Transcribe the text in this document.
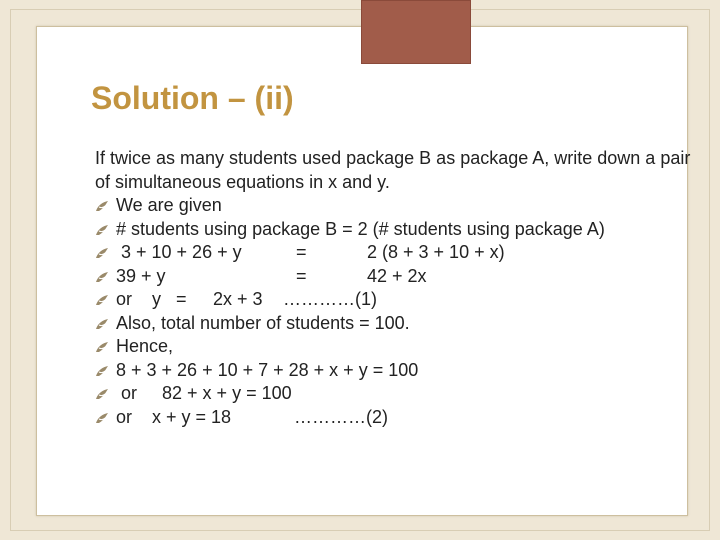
Solution – (ii)

If twice as many students used package B as package A, write down a pair of simultaneous equations in x and y.

We are given
# students using package B = 2 (# students using package A)
3 + 10 + 26 + y	=	2 (8 + 3 + 10 + x)
39 + y	=	42 + 2x
or y = 2x + 3 …………(1)
Also, total number of students = 100.
Hence,
8 + 3 + 26 + 10 + 7 + 28 + x + y = 100
or 82 + x + y = 100
or x + y = 18	…………(2)
